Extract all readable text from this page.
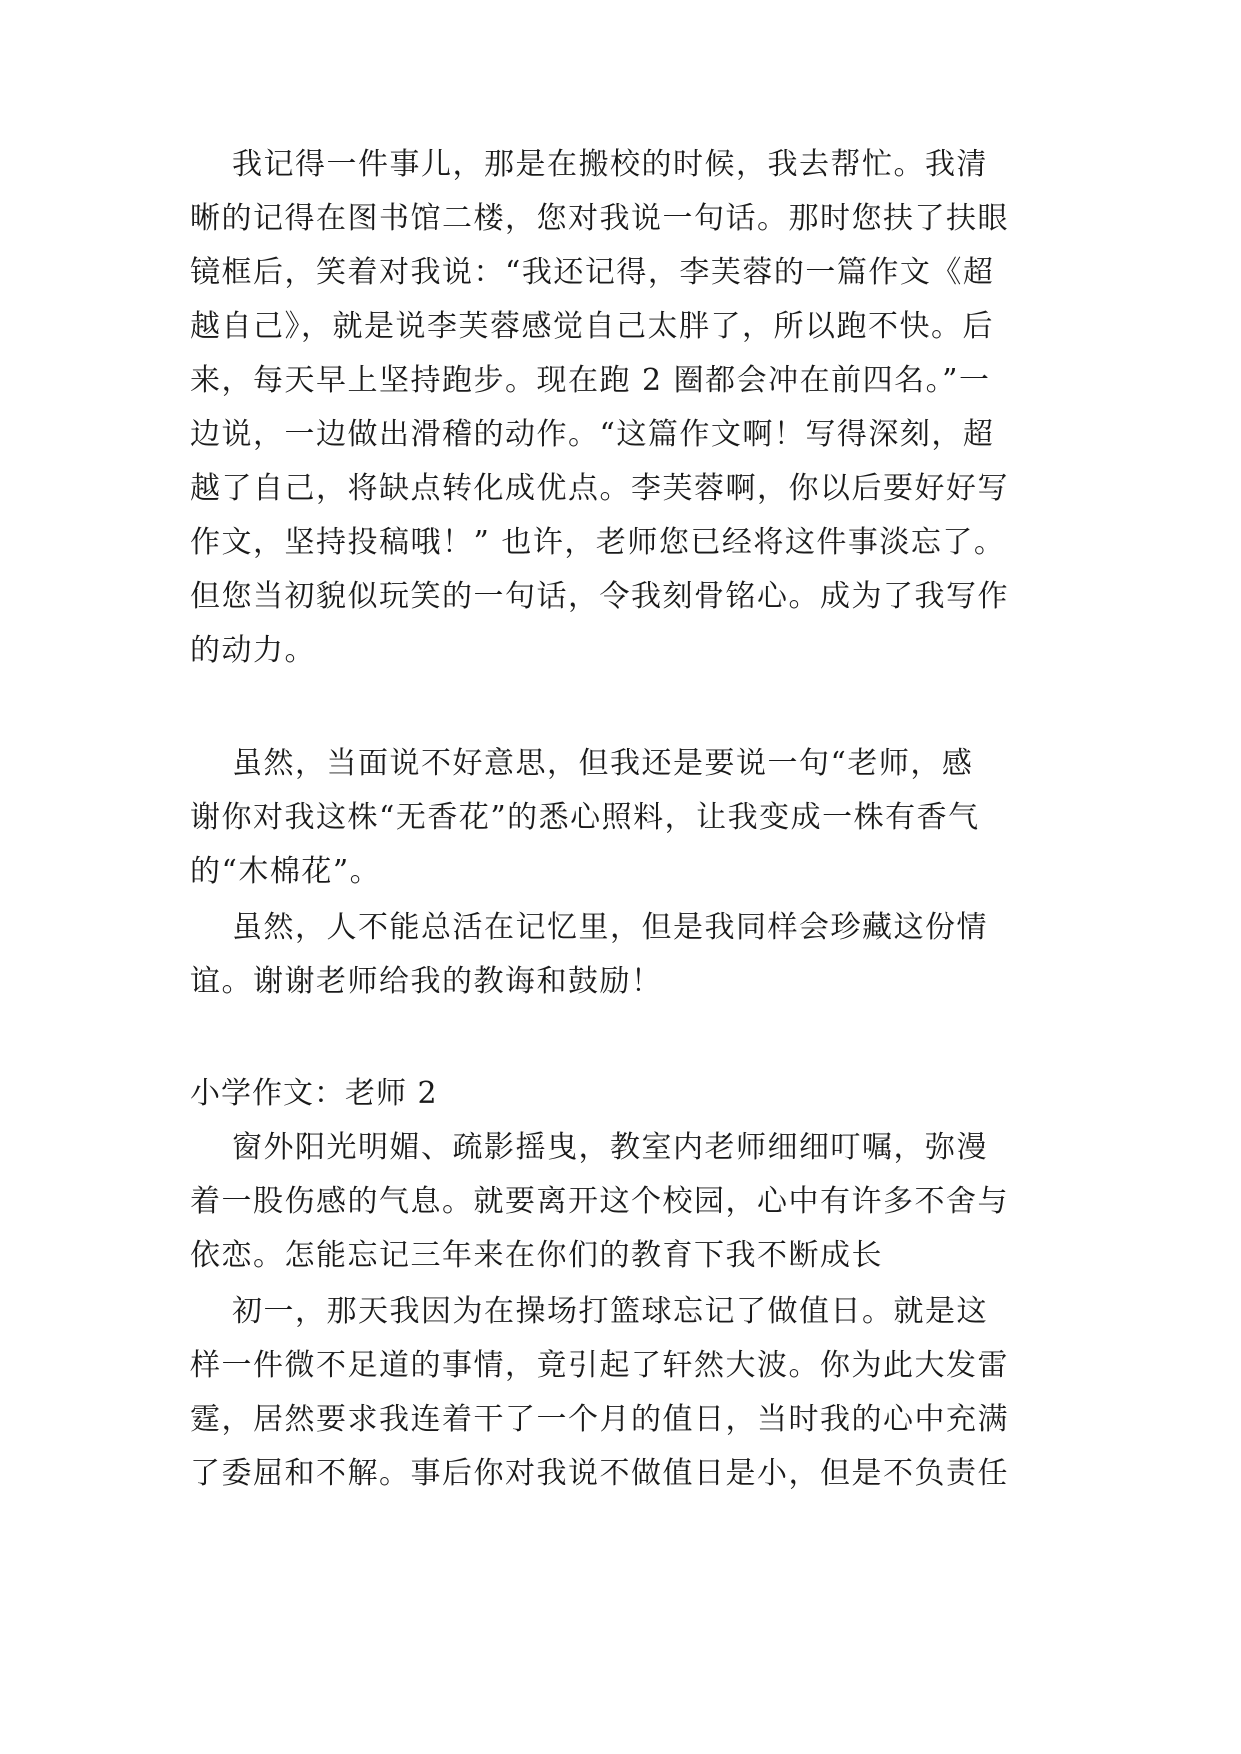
我记得一件事儿，那是在搬校的时候，我去帮忙。我清
晰的记得在图书馆二楼，您对我说一句话。那时您扶了扶眼
镜框后，笑着对我说：“我还记得，李芙蓉的一篇作文《超
越自己》，就是说李芙蓉感觉自己太胖了，所以跑不快。后
来，每天早上坚持跑步。现在跑 2 圈都会冲在前四名。”一
边说，一边做出滑稽的动作。“这篇作文啊！写得深刻，超
越了自己，将缺点转化成优点。李芙蓉啊，你以后要好好写
作文，坚持投稿哦！” 也许，老师您已经将这件事淡忘了。
但您当初貌似玩笑的一句话，令我刻骨铭心。成为了我写作
的动力。
虽然，当面说不好意思，但我还是要说一句“老师，感
谢你对我这株“无香花”的悉心照料，让我变成一株有香气
的“木棉花”。
虽然，人不能总活在记忆里，但是我同样会珍藏这份情
谊。谢谢老师给我的教诲和鼓励！
小学作文：老师 2
窗外阳光明媚、疏影摇曳，教室内老师细细叮嘱，弥漫
着一股伤感的气息。就要离开这个校园，心中有许多不舍与
依恋。怎能忘记三年来在你们的教育下我不断成长
初一，那天我因为在操场打篮球忘记了做值日。就是这
样一件微不足道的事情，竟引起了轩然大波。你为此大发雷
霆，居然要求我连着干了一个月的值日，当时我的心中充满
了委屈和不解。事后你对我说不做值日是小，但是不负责任
